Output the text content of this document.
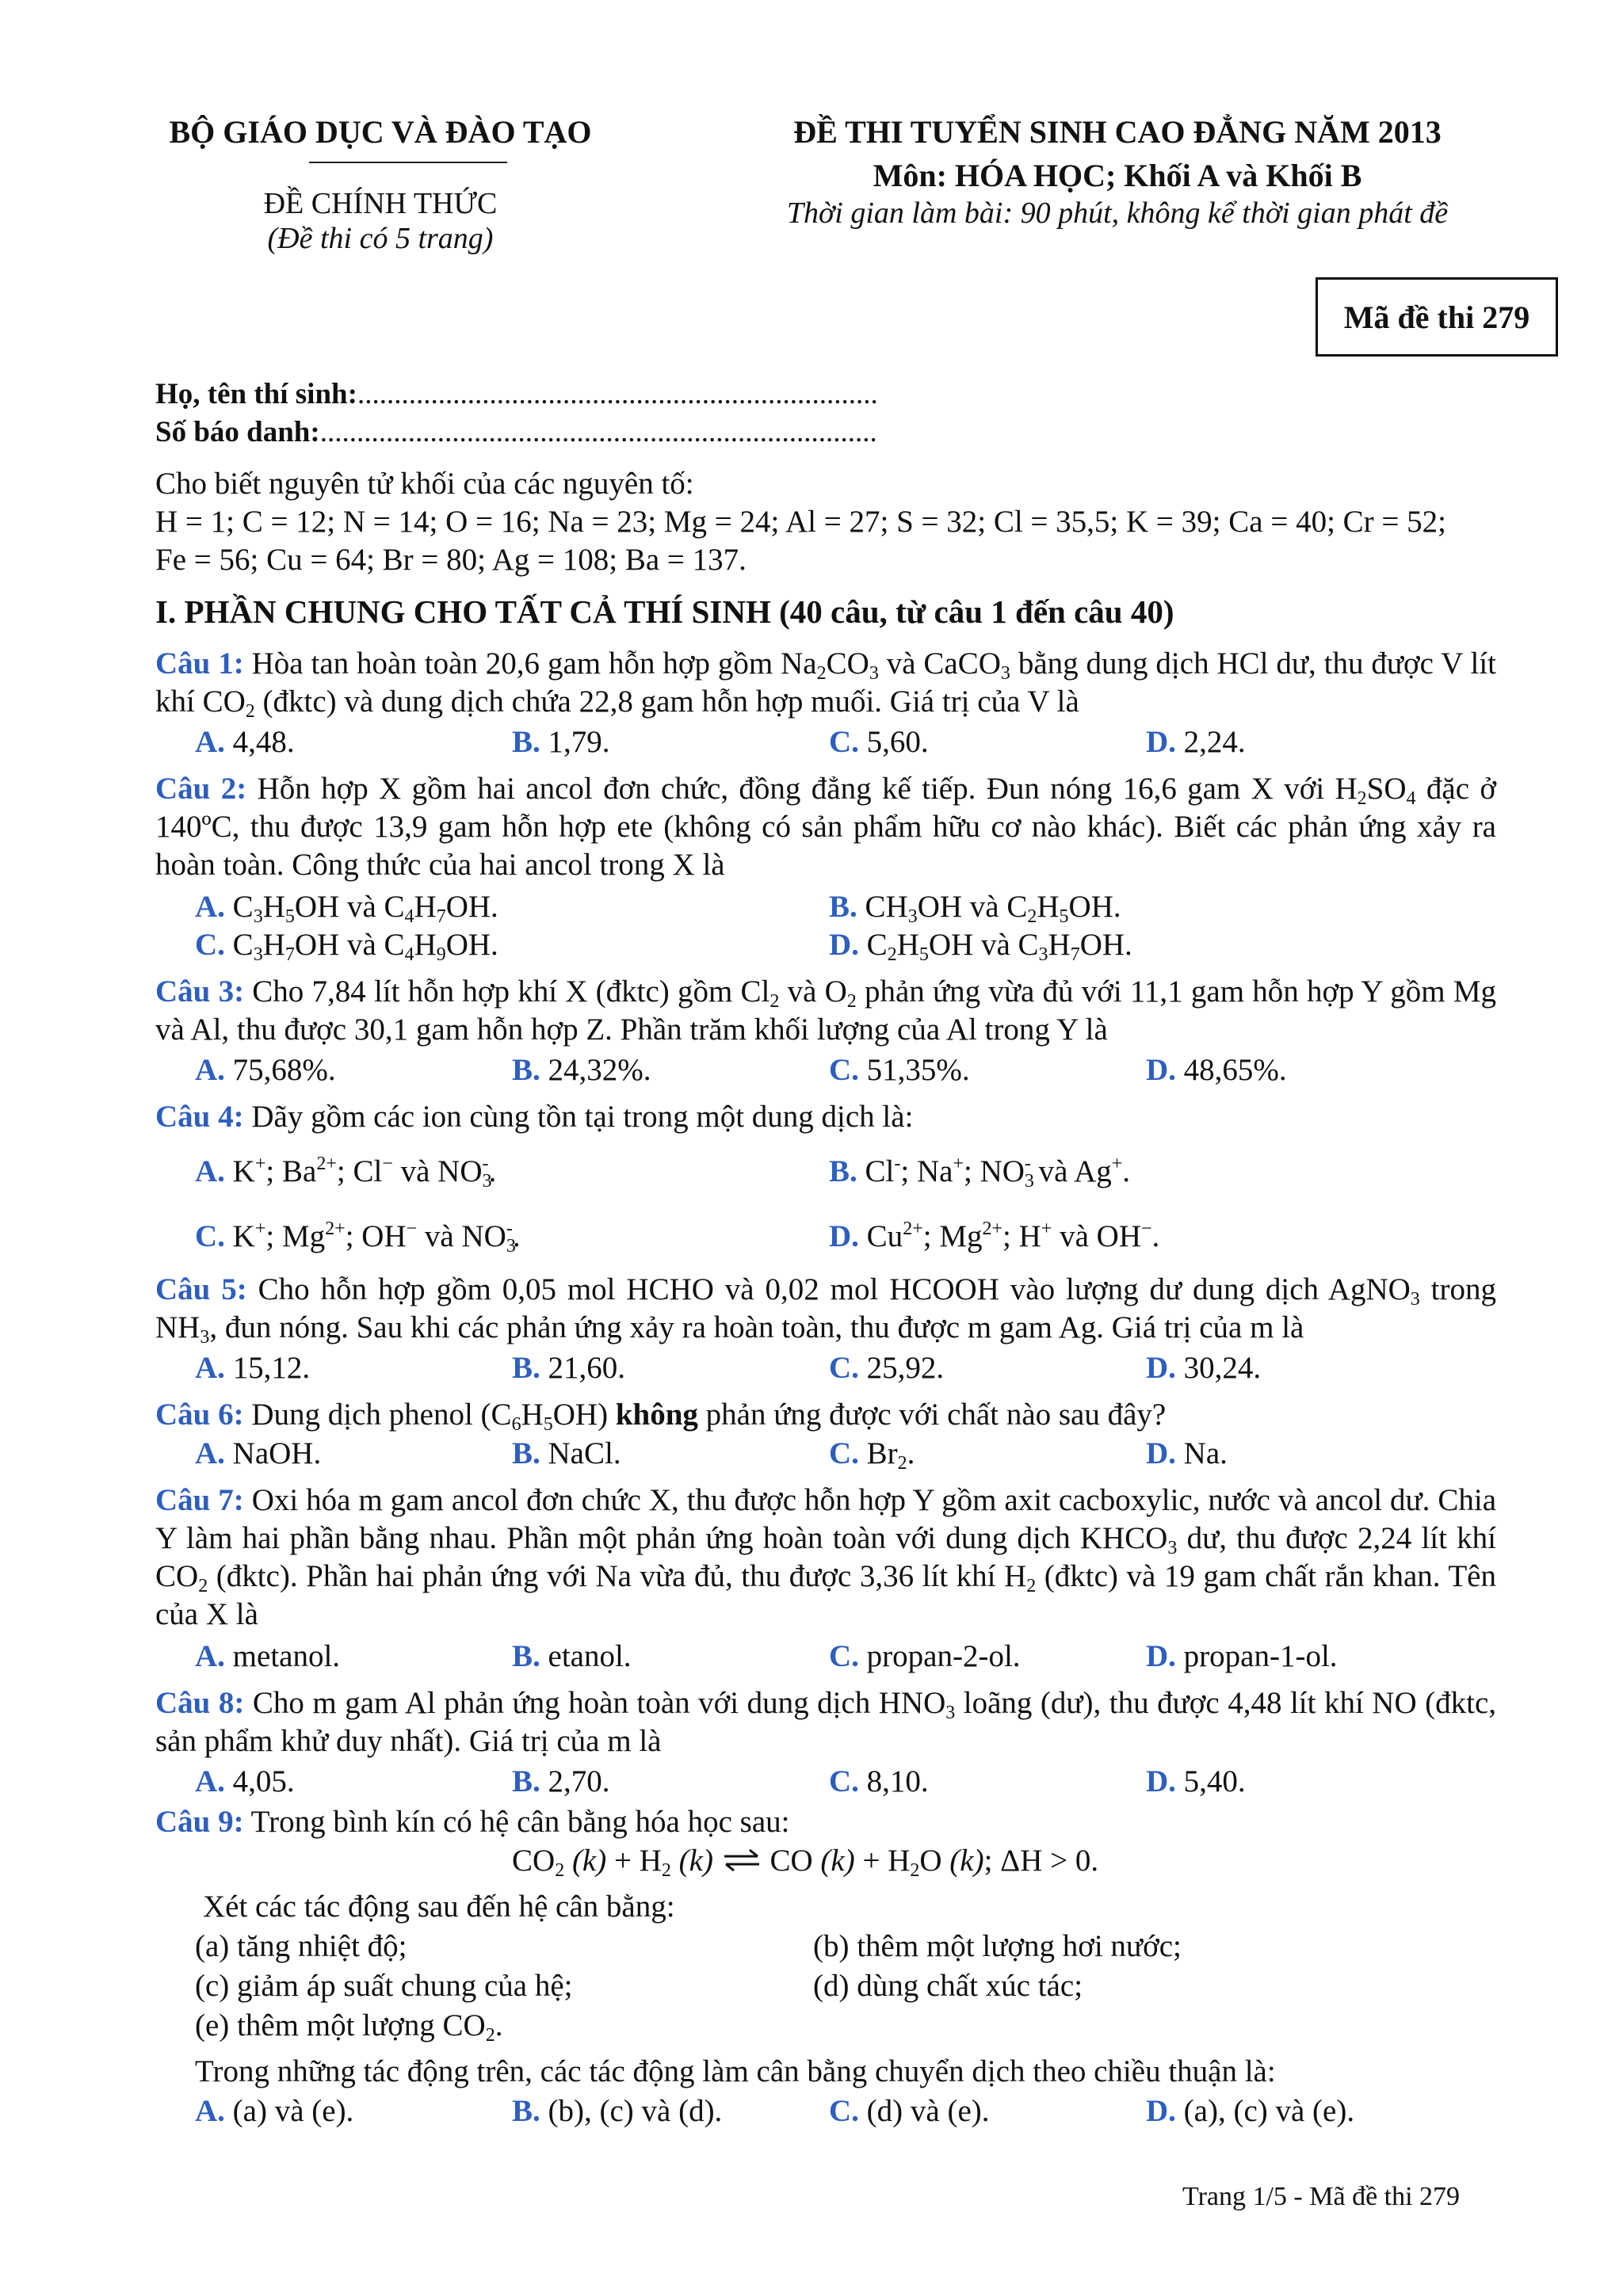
BỘ GIÁO DỤC VÀ ĐÀO TẠO
ĐỀ CHÍNH THỨC
(Đề thi có 5 trang)
ĐỀ THI TUYỂN SINH CAO ĐẲNG NĂM 2013
Môn: HÓA HỌC; Khối A và Khối B
Thời gian làm bài: 90 phút, không kể thời gian phát đề
Mã đề thi 279
Họ, tên thí sinh:.......................................................................
Số báo danh:............................................................................
Cho biết nguyên tử khối của các nguyên tố:
H = 1; C = 12; N = 14; O = 16; Na = 23; Mg = 24; Al = 27; S = 32; Cl = 35,5; K = 39; Ca = 40; Cr = 52;
Fe = 56; Cu = 64; Br = 80; Ag = 108; Ba = 137.
I. PHẦN CHUNG CHO TẤT CẢ THÍ SINH (40 câu, từ câu 1 đến câu 40)
Câu 1: Hòa tan hoàn toàn 20,6 gam hỗn hợp gồm $Na_2CO_3$ và CaCO$_3$ bằng dung dịch HCl dư, thu được V lít khí $CO_2$ (đktc) và dung dịch chứa 22,8 gam hỗn hợp muối. Giá trị của V là
A. 4,48.	B. 1,79.	C. 5,60.	D. 2,24.
Câu 2: Hỗn hợp X gồm hai ancol đơn chức, đồng đẳng kế tiếp. Đun nóng 16,6 gam X với $H_2SO_4$ đặc ở 140ºC, thu được 13,9 gam hỗn hợp ete (không có sản phẩm hữu cơ nào khác). Biết các phản ứng xảy ra hoàn toàn. Công thức của hai ancol trong X là
A. $C_3H_5OH$ và $C_4H_7OH$.	B. $CH_3OH$ và $C_2H_5OH$.
C. $C_3H_7OH$ và $C_4H_9OH$.	D. $C_2H_5OH$ và $C_3H_7OH$.
Câu 3: Cho 7,84 lít hỗn hợp khí X (đktc) gồm $Cl_2$ và $O_2$ phản ứng vừa đủ với 11,1 gam hỗn hợp Y gồm Mg và Al, thu được 30,1 gam hỗn hợp Z. Phần trăm khối lượng của Al trong Y là
A. 75,68%.	B. 24,32%.	C. 51,35%.	D. 48,65%.
Câu 4: Dãy gồm các ion cùng tồn tại trong một dung dịch là:
A. K+; $Ba^{2+}$; Cl− và $NO_3^-$.	B. Cl-; Na+; $NO_3^-$ và Ag+.
C. K+; $Mg^{2+}$; OH− và $NO_3^-$.	D. $Cu^{2+}$; $Mg^{2+}$; H+ và OH−.
Câu 5: Cho hỗn hợp gồm 0,05 mol HCHO và 0,02 mol HCOOH vào lượng dư dung dịch AgNO$_3$ trong $NH_3$, đun nóng. Sau khi các phản ứng xảy ra hoàn toàn, thu được m gam Ag. Giá trị của m là
A. 15,12.	B. 21,60.	C. 25,92.	D. 30,24.
Câu 6: Dung dịch phenol $(C_6H_5OH)$ không phản ứng được với chất nào sau đây?
A. NaOH.	B. NaCl.	C. $Br_2$.	D. Na.
Câu 7: Oxi hóa m gam ancol đơn chức X, thu được hỗn hợp Y gồm axit cacboxylic, nước và ancol dư. Chia Y làm hai phần bằng nhau. Phần một phản ứng hoàn toàn với dung dịch $KHCO_3$ dư, thu được 2,24 lít khí $CO_2$ (đktc). Phần hai phản ứng với Na vừa đủ, thu được 3,36 lít khí $H_2$ (đktc) và 19 gam chất rắn khan. Tên của X là
A. metanol.	B. etanol.	C. propan-2-ol.	D. propan-1-ol.
Câu 8: Cho m gam Al phản ứng hoàn toàn với dung dịch $HNO_3$ loãng (dư), thu được 4,48 lít khí NO (đktc, sản phẩm khử duy nhất). Giá trị của m là
A. 4,05.	B. 2,70.	C. 8,10.	D. 5,40.
Câu 9: Trong bình kín có hệ cân bằng hóa học sau:
$CO_2$ $(k) + H_2$ (k) ⇌ CO $(k) + H_2O$ (k); ΔH > 0.
Xét các tác động sau đến hệ cân bằng:
(a) tăng nhiệt độ;	(b) thêm một lượng hơi nước;
(c) giảm áp suất chung của hệ;	(d) dùng chất xúc tác;
(e) thêm một lượng $CO_2$.
Trong những tác động trên, các tác động làm cân bằng chuyển dịch theo chiều thuận là:
A. (a) và (e).	B. (b), (c) và (d).	C. (d) và (e).	D. (a), (c) và (e).
Trang 1/5 - Mã đề thi 279
